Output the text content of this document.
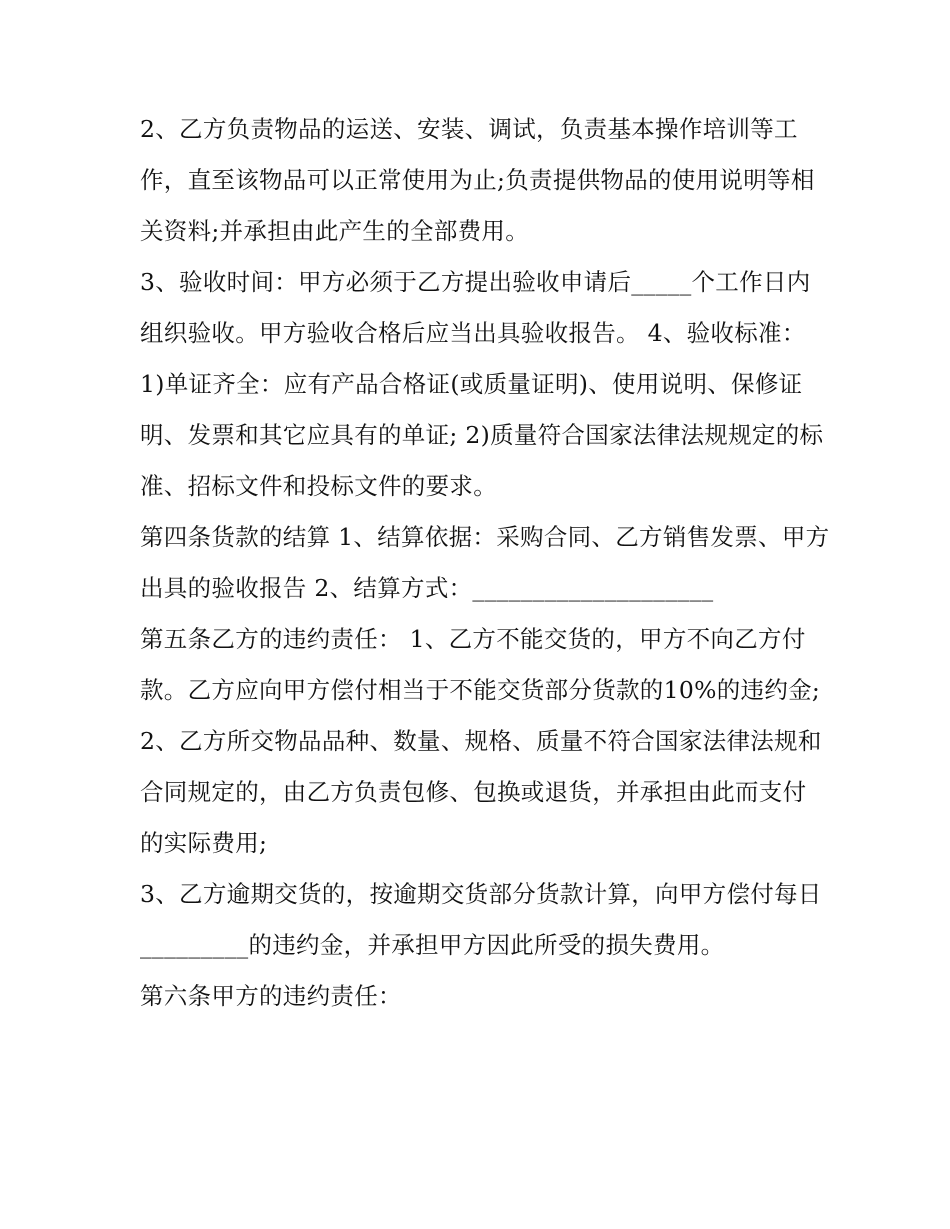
2、乙方负责物品的运送、安装、调试，负责基本操作培训等工作，直至该物品可以正常使用为止;负责提供物品的使用说明等相关资料;并承担由此产生的全部费用。

3、验收时间：甲方必须于乙方提出验收申请后_____个工作日内组织验收。甲方验收合格后应当出具验收报告。 4、验收标准：

1)单证齐全：应有产品合格证(或质量证明)、使用说明、保修证明、发票和其它应具有的单证; 2)质量符合国家法律法规规定的标准、招标文件和投标文件的要求。

第四条货款的结算 1、结算依据：采购合同、乙方销售发票、甲方出具的验收报告 2、结算方式：____________________

第五条乙方的违约责任： 1、乙方不能交货的，甲方不向乙方付款。乙方应向甲方偿付相当于不能交货部分货款的10%的违约金;

2、乙方所交物品品种、数量、规格、质量不符合国家法律法规和合同规定的，由乙方负责包修、包换或退货，并承担由此而支付的实际费用;

3、乙方逾期交货的，按逾期交货部分货款计算，向甲方偿付每日_________的违约金，并承担甲方因此所受的损失费用。

第六条甲方的违约责任：
